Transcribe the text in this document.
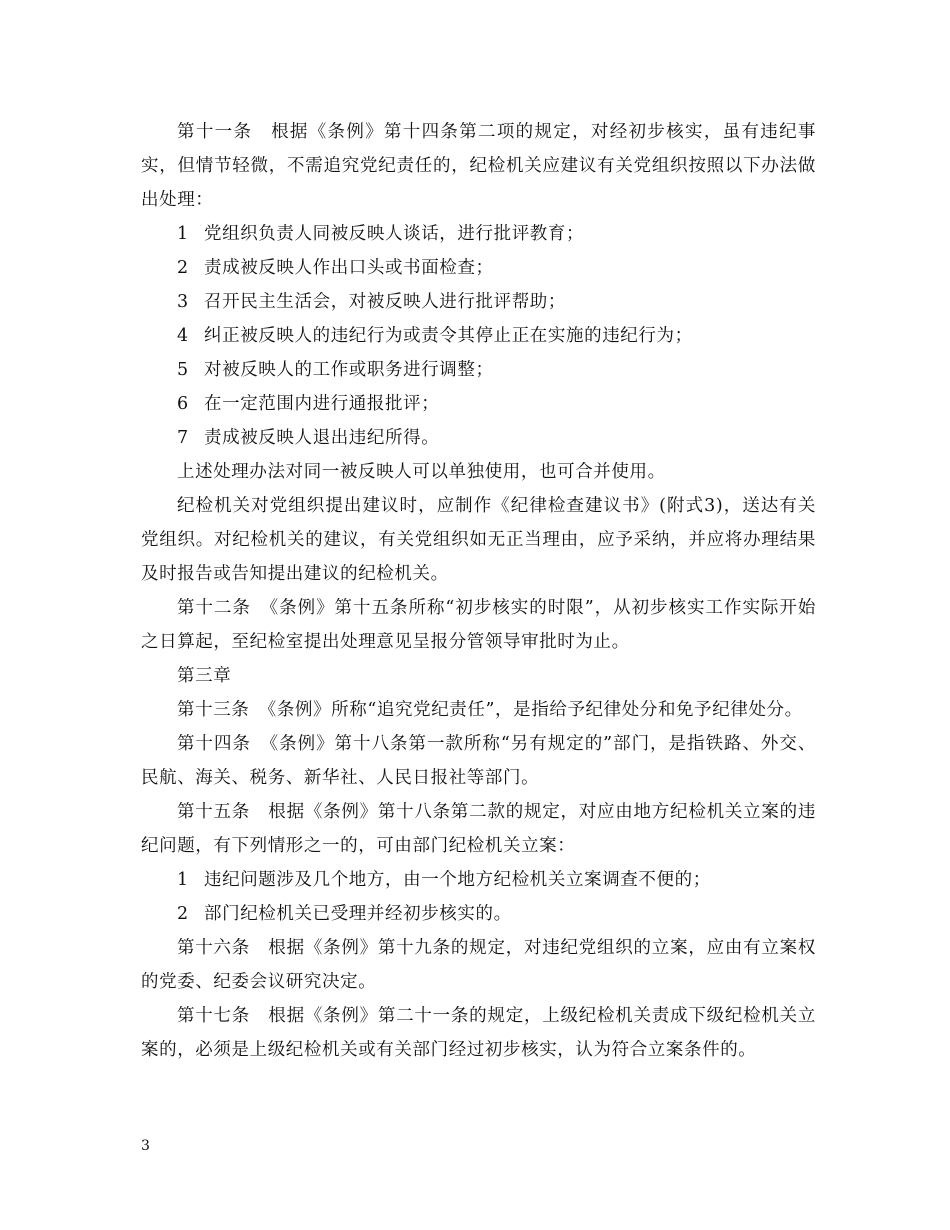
第十一条　根据《条例》第十四条第二项的规定，对经初步核实，虽有违纪事实，但情节轻微，不需追究党纪责任的，纪检机关应建议有关党组织按照以下办法做出处理：

1 党组织负责人同被反映人谈话，进行批评教育；
2 责成被反映人作出口头或书面检查；
3 召开民主生活会，对被反映人进行批评帮助；
4 纠正被反映人的违纪行为或责令其停止正在实施的违纪行为；
5 对被反映人的工作或职务进行调整；
6 在一定范围内进行通报批评；
7 责成被反映人退出违纪所得。

上述处理办法对同一被反映人可以单独使用，也可合并使用。

纪检机关对党组织提出建议时，应制作《纪律检查建议书》(附式3)，送达有关党组织。对纪检机关的建议，有关党组织如无正当理由，应予采纳，并应将办理结果及时报告或告知提出建议的纪检机关。

第十二条　《条例》第十五条所称“初步核实的时限”，从初步核实工作实际开始之日算起，至纪检室提出处理意见呈报分管领导审批时为止。

第三章

第十三条　《条例》所称“追究党纪责任”，是指给予纪律处分和免予纪律处分。

第十四条　《条例》第十八条第一款所称“另有规定的”部门，是指铁路、外交、民航、海关、税务、新华社、人民日报社等部门。

第十五条　根据《条例》第十八条第二款的规定，对应由地方纪检机关立案的违纪问题，有下列情形之一的，可由部门纪检机关立案：

1 违纪问题涉及几个地方，由一个地方纪检机关立案调查不便的；
2 部门纪检机关已受理并经初步核实的。

第十六条　根据《条例》第十九条的规定，对违纪党组织的立案，应由有立案权的党委、纪委会议研究决定。

第十七条　根据《条例》第二十一条的规定，上级纪检机关责成下级纪检机关立案的，必须是上级纪检机关或有关部门经过初步核实，认为符合立案条件的。

3
